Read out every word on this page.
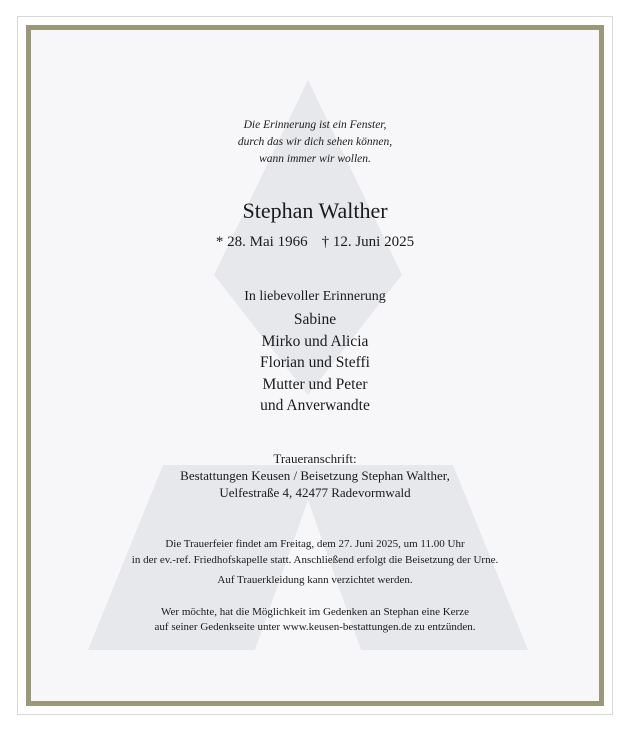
Die Erinnerung ist ein Fenster,
durch das wir dich sehen können,
wann immer wir wollen.
Stephan Walther
* 28. Mai 1966 † 12. Juni 2025
In liebevoller Erinnerung
Sabine
Mirko und Alicia
Florian und Steffi
Mutter und Peter
und Anverwandte
Traueranschrift:
Bestattungen Keusen / Beisetzung Stephan Walther,
Uelfestraße 4, 42477 Radevormwald
Die Trauerfeier findet am Freitag, dem 27. Juni 2025, um 11.00 Uhr
in der ev.-ref. Friedhofskapelle statt. Anschließend erfolgt die Beisetzung der Urne.
Auf Trauerkleidung kann verzichtet werden.
Wer möchte, hat die Möglichkeit im Gedenken an Stephan eine Kerze
auf seiner Gedenkseite unter www.keusen-bestattungen.de zu entzünden.
